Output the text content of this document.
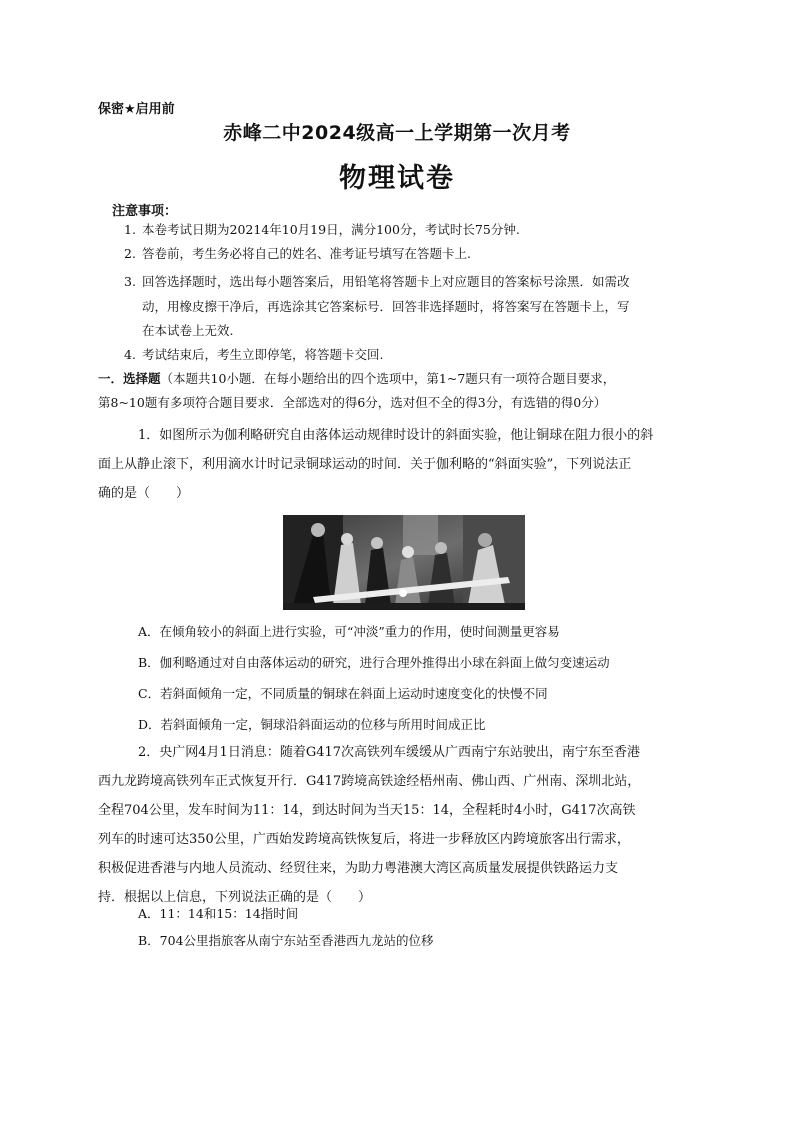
保密★启用前
赤峰二中2024级高一上学期第一次月考
物理试卷
注意事项：
1. 本卷考试日期为20214年10月19日，满分100分，考试时长75分钟.
2. 答卷前，考生务必将自己的姓名、准考证号填写在答题卡上.
3. 回答选择题时，选出每小题答案后，用铅笔将答题卡上对应题目的答案标号涂黑．如需改
动，用橡皮擦干净后，再选涂其它答案标号．回答非选择题时，将答案写在答题卡上，写
在本试卷上无效.
4. 考试结束后，考生立即停笔，将答题卡交回.
一．选择题（本题共10小题．在每小题给出的四个选项中，第1~7题只有一项符合题目要求，
第8~10题有多项符合题目要求．全部选对的得6分，选对但不全的得3分，有选错的得0分）
1．如图所示为伽利略研究自由落体运动规律时设计的斜面实验，他让铜球在阻力很小的斜
面上从静止滚下，利用滴水计时记录铜球运动的时间．关于伽利略的“斜面实验”，下列说法正
确的是（　　）
A．在倾角较小的斜面上进行实验，可“冲淡”重力的作用，使时间测量更容易
B．伽利略通过对自由落体运动的研究，进行合理外推得出小球在斜面上做匀变速运动
C．若斜面倾角一定，不同质量的铜球在斜面上运动时速度变化的快慢不同
D．若斜面倾角一定，铜球沿斜面运动的位移与所用时间成正比
2．央广网4月1日消息：随着G417次高铁列车缓缓从广西南宁东站驶出，南宁东至香港
西九龙跨境高铁列车正式恢复开行．G417跨境高铁途经梧州南、佛山西、广州南、深圳北站，
全程704公里，发车时间为11：14，到达时间为当天15：14，全程耗时4小时，G417次高铁
列车的时速可达350公里，广西始发跨境高铁恢复后，将进一步释放区内跨境旅客出行需求，
积极促进香港与内地人员流动、经贸往来，为助力粤港澳大湾区高质量发展提供铁路运力支
持．根据以上信息，下列说法正确的是（　　）
A．11：14和15：14指时间
B．704公里指旅客从南宁东站至香港西九龙站的位移
